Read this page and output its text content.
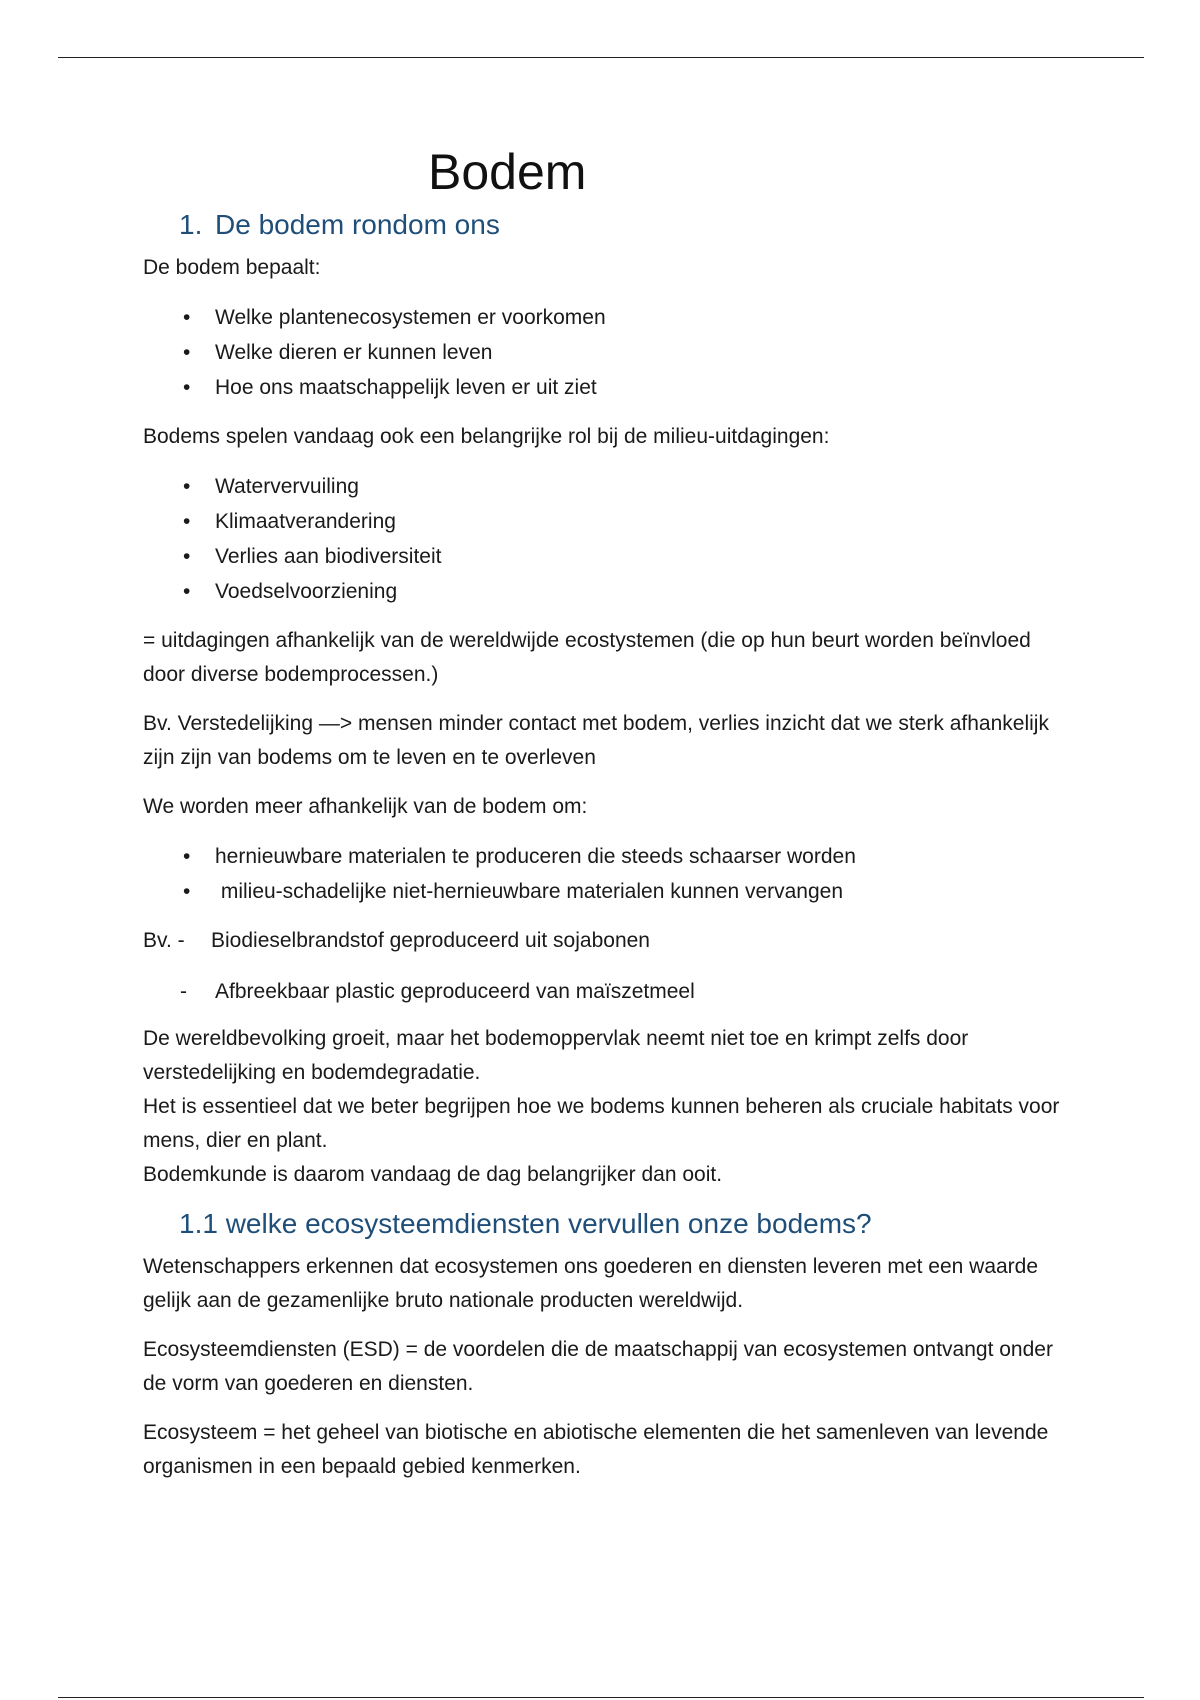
Bodem
1. De bodem rondom ons

De bodem bepaalt:

• Welke plantenecosystemen er voorkomen
• Welke dieren er kunnen leven
• Hoe ons maatschappelijk leven er uit ziet

Bodems spelen vandaag ook een belangrijke rol bij de milieu-uitdagingen:

• Watervervuiling
• Klimaatverandering
• Verlies aan biodiversiteit
• Voedselvoorziening

= uitdagingen afhankelijk van de wereldwijde ecostystemen (die op hun beurt worden beïnvloed door diverse bodemprocessen.)

Bv. Verstedelijking —> mensen minder contact met bodem, verlies inzicht dat we sterk afhankelijk zijn zijn van bodems om te leven en te overleven

We worden meer afhankelijk van de bodem om:

• hernieuwbare materialen te produceren die steeds schaarser worden
• milieu-schadelijke niet-hernieuwbare materialen kunnen vervangen
Bv. -	Biodieselbrandstof geproduceerd uit sojabonen
-	Afbreekbaar plastic geproduceerd van maïszetmeel

De wereldbevolking groeit, maar het bodemoppervlak neemt niet toe en krimpt zelfs door verstedelijking en bodemdegradatie.

Het is essentieel dat we beter begrijpen hoe we bodems kunnen beheren als cruciale habitats voor mens, dier en plant.

Bodemkunde is daarom vandaag de dag belangrijker dan ooit.

1.1 welke ecosysteemdiensten vervullen onze bodems?

Wetenschappers erkennen dat ecosystemen ons goederen en diensten leveren met een waarde gelijk aan de gezamenlijke bruto nationale producten wereldwijd.

Ecosysteemdiensten (ESD) = de voordelen die de maatschappij van ecosystemen ontvangt onder de vorm van goederen en diensten.

Ecosysteem = het geheel van biotische en abiotische elementen die het samenleven van levende organismen in een bepaald gebied kenmerken.
